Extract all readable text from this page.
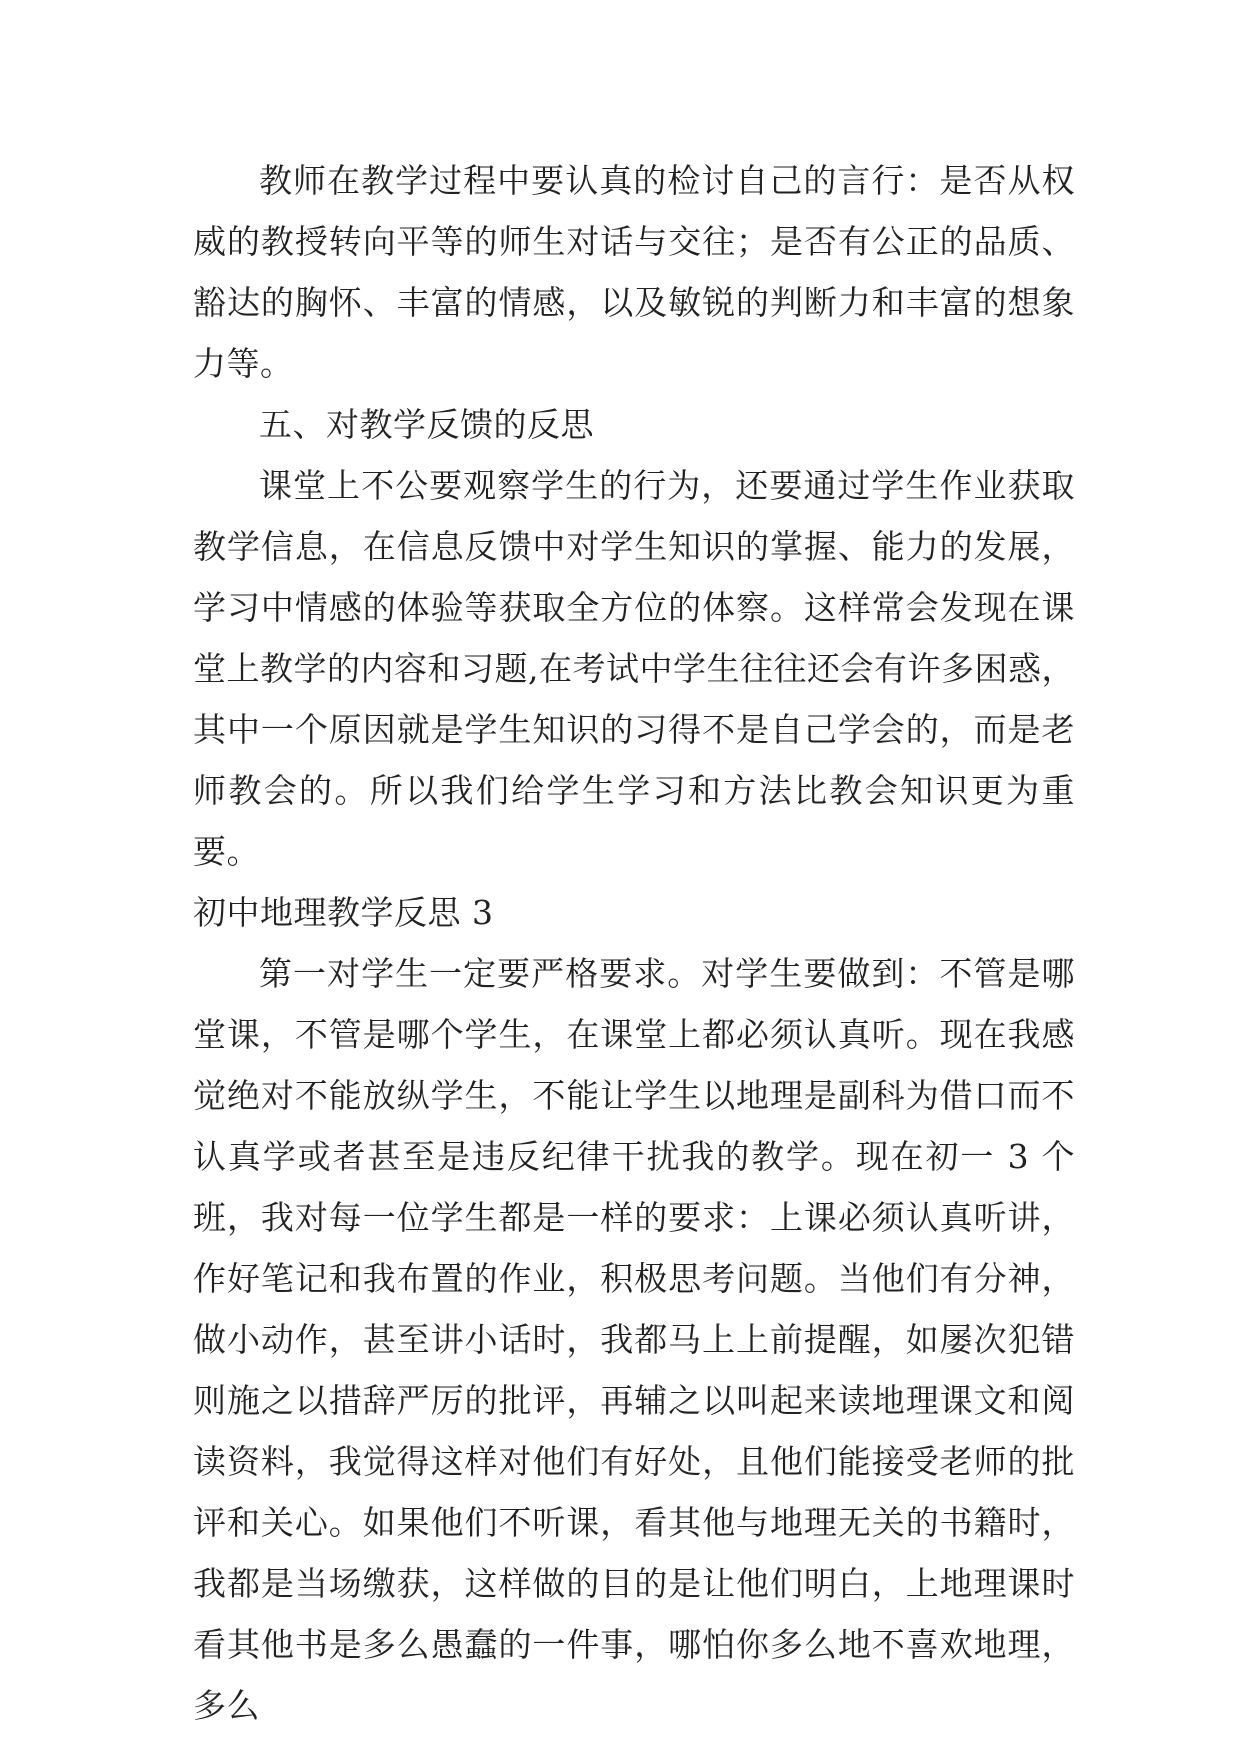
教师在教学过程中要认真的检讨自己的言行：是否从权威的教授转向平等的师生对话与交往；是否有公正的品质、豁达的胸怀、丰富的情感，以及敏锐的判断力和丰富的想象力等。

五、对教学反馈的反思

课堂上不公要观察学生的行为，还要通过学生作业获取教学信息，在信息反馈中对学生知识的掌握、能力的发展，学习中情感的体验等获取全方位的体察。这样常会发现在课堂上教学的内容和习题,在考试中学生往往还会有许多困惑，其中一个原因就是学生知识的习得不是自己学会的，而是老师教会的。所以我们给学生学习和方法比教会知识更为重要。

初中地理教学反思 3

第一对学生一定要严格要求。对学生要做到：不管是哪堂课，不管是哪个学生，在课堂上都必须认真听。现在我感觉绝对不能放纵学生，不能让学生以地理是副科为借口而不认真学或者甚至是违反纪律干扰我的教学。现在初一 3 个班，我对每一位学生都是一样的要求：上课必须认真听讲，作好笔记和我布置的作业，积极思考问题。当他们有分神，做小动作，甚至讲小话时，我都马上上前提醒，如屡次犯错则施之以措辞严厉的批评，再辅之以叫起来读地理课文和阅读资料，我觉得这样对他们有好处，且他们能接受老师的批评和关心。如果他们不听课，看其他与地理无关的书籍时，我都是当场缴获，这样做的目的是让他们明白，上地理课时看其他书是多么愚蠢的一件事，哪怕你多么地不喜欢地理，多么
